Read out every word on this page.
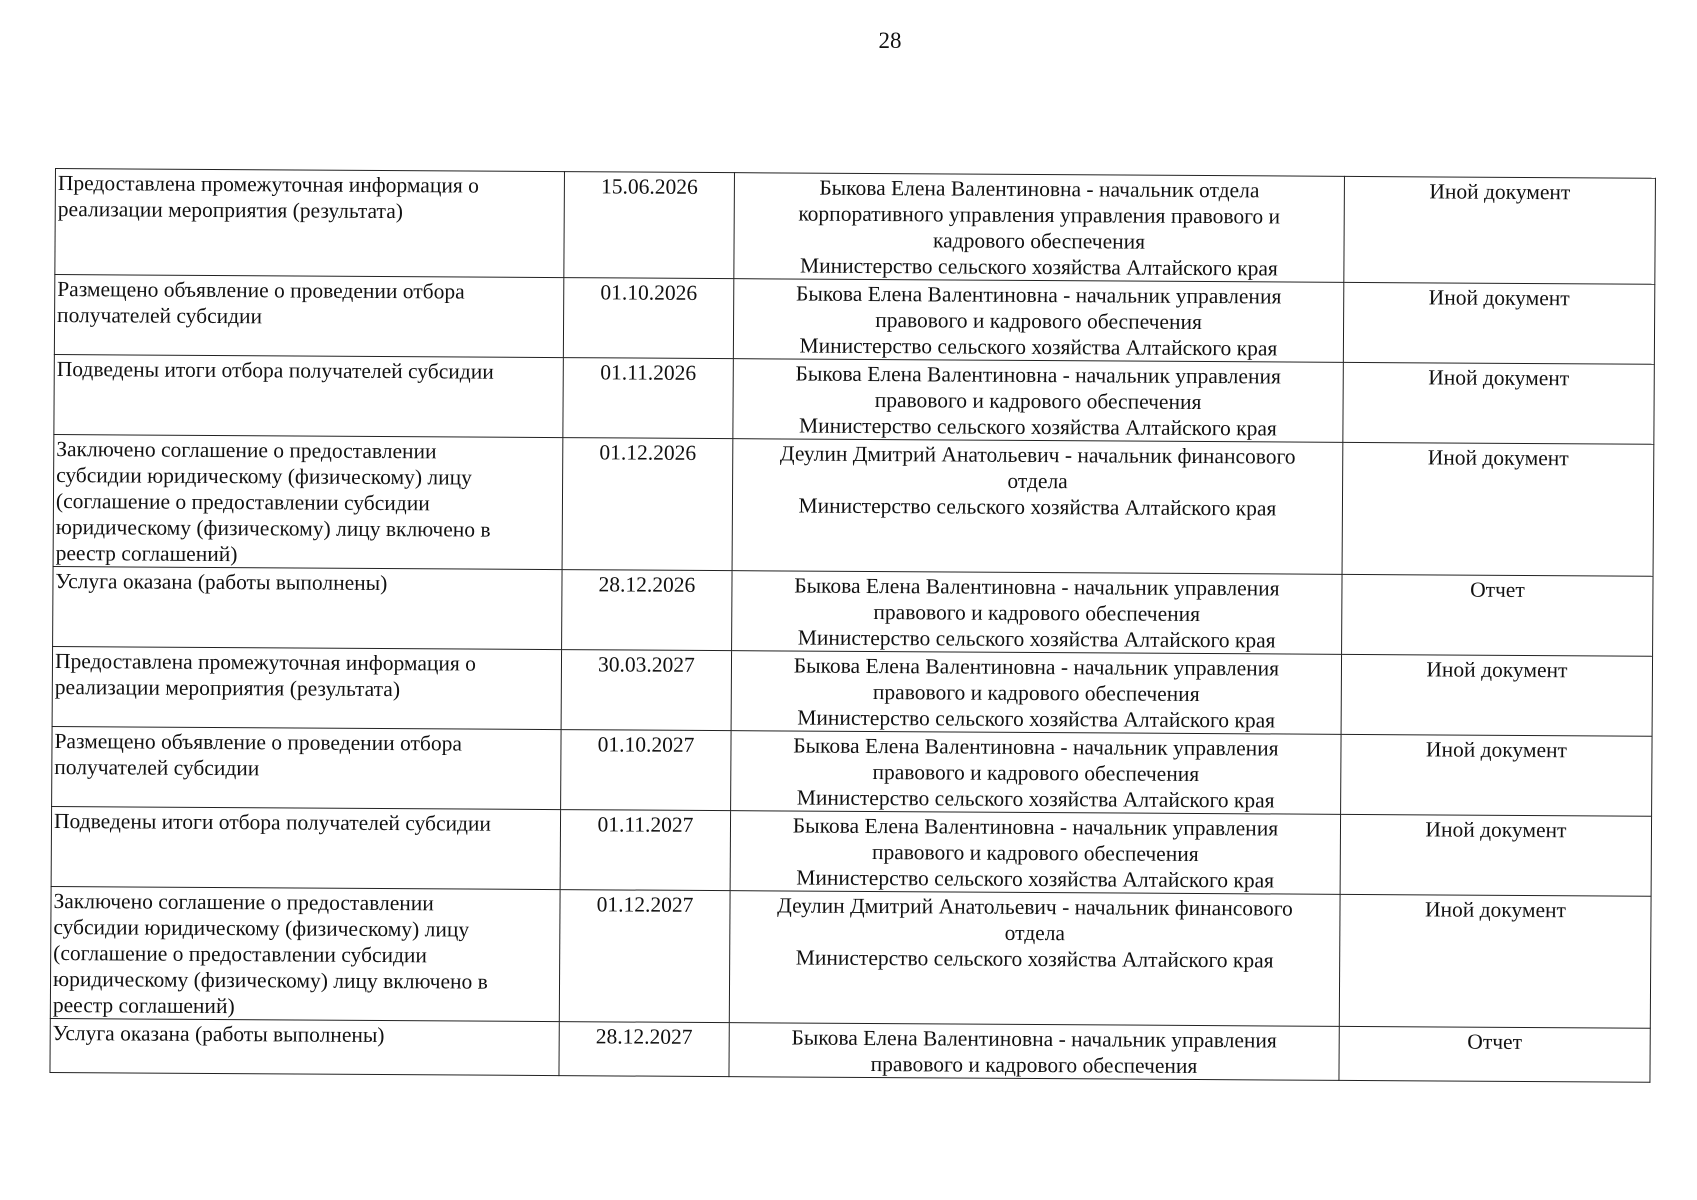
28
Предоставлена промежуточная информация о
реализации мероприятия (результата)	15.06.2026	Быкова Елена Валентиновна - начальник отдела
корпоративного управления управления правового и
кадрового обеспечения
Министерство сельского хозяйства Алтайского края	Иной документ

Размещено объявление о проведении отбора
получателей субсидии	01.10.2026	Быкова Елена Валентиновна - начальник управления
правового и кадрового обеспечения
Министерство сельского хозяйства Алтайского края	Иной документ

Подведены итоги отбора получателей субсидии	01.11.2026	Быкова Елена Валентиновна - начальник управления
правового и кадрового обеспечения
Министерство сельского хозяйства Алтайского края	Иной документ

Заключено соглашение о предоставлении
субсидии юридическому (физическому) лицу
(соглашение о предоставлении субсидии
юридическому (физическому) лицу включено в
реестр соглашений)	01.12.2026	Деулин Дмитрий Анатольевич - начальник финансового
отдела
Министерство сельского хозяйства Алтайского края	Иной документ

Услуга оказана (работы выполнены)	28.12.2026	Быкова Елена Валентиновна - начальник управления
правового и кадрового обеспечения
Министерство сельского хозяйства Алтайского края	Отчет

Предоставлена промежуточная информация о
реализации мероприятия (результата)	30.03.2027	Быкова Елена Валентиновна - начальник управления
правового и кадрового обеспечения
Министерство сельского хозяйства Алтайского края	Иной документ

Размещено объявление о проведении отбора
получателей субсидии	01.10.2027	Быкова Елена Валентиновна - начальник управления
правового и кадрового обеспечения
Министерство сельского хозяйства Алтайского края	Иной документ

Подведены итоги отбора получателей субсидии	01.11.2027	Быкова Елена Валентиновна - начальник управления
правового и кадрового обеспечения
Министерство сельского хозяйства Алтайского края	Иной документ

Заключено соглашение о предоставлении
субсидии юридическому (физическому) лицу
(соглашение о предоставлении субсидии
юридическому (физическому) лицу включено в
реестр соглашений)	01.12.2027	Деулин Дмитрий Анатольевич - начальник финансового
отдела
Министерство сельского хозяйства Алтайского края	Иной документ

Услуга оказана (работы выполнены)	28.12.2027	Быкова Елена Валентиновна - начальник управления
правового и кадрового обеспечения	Отчет
